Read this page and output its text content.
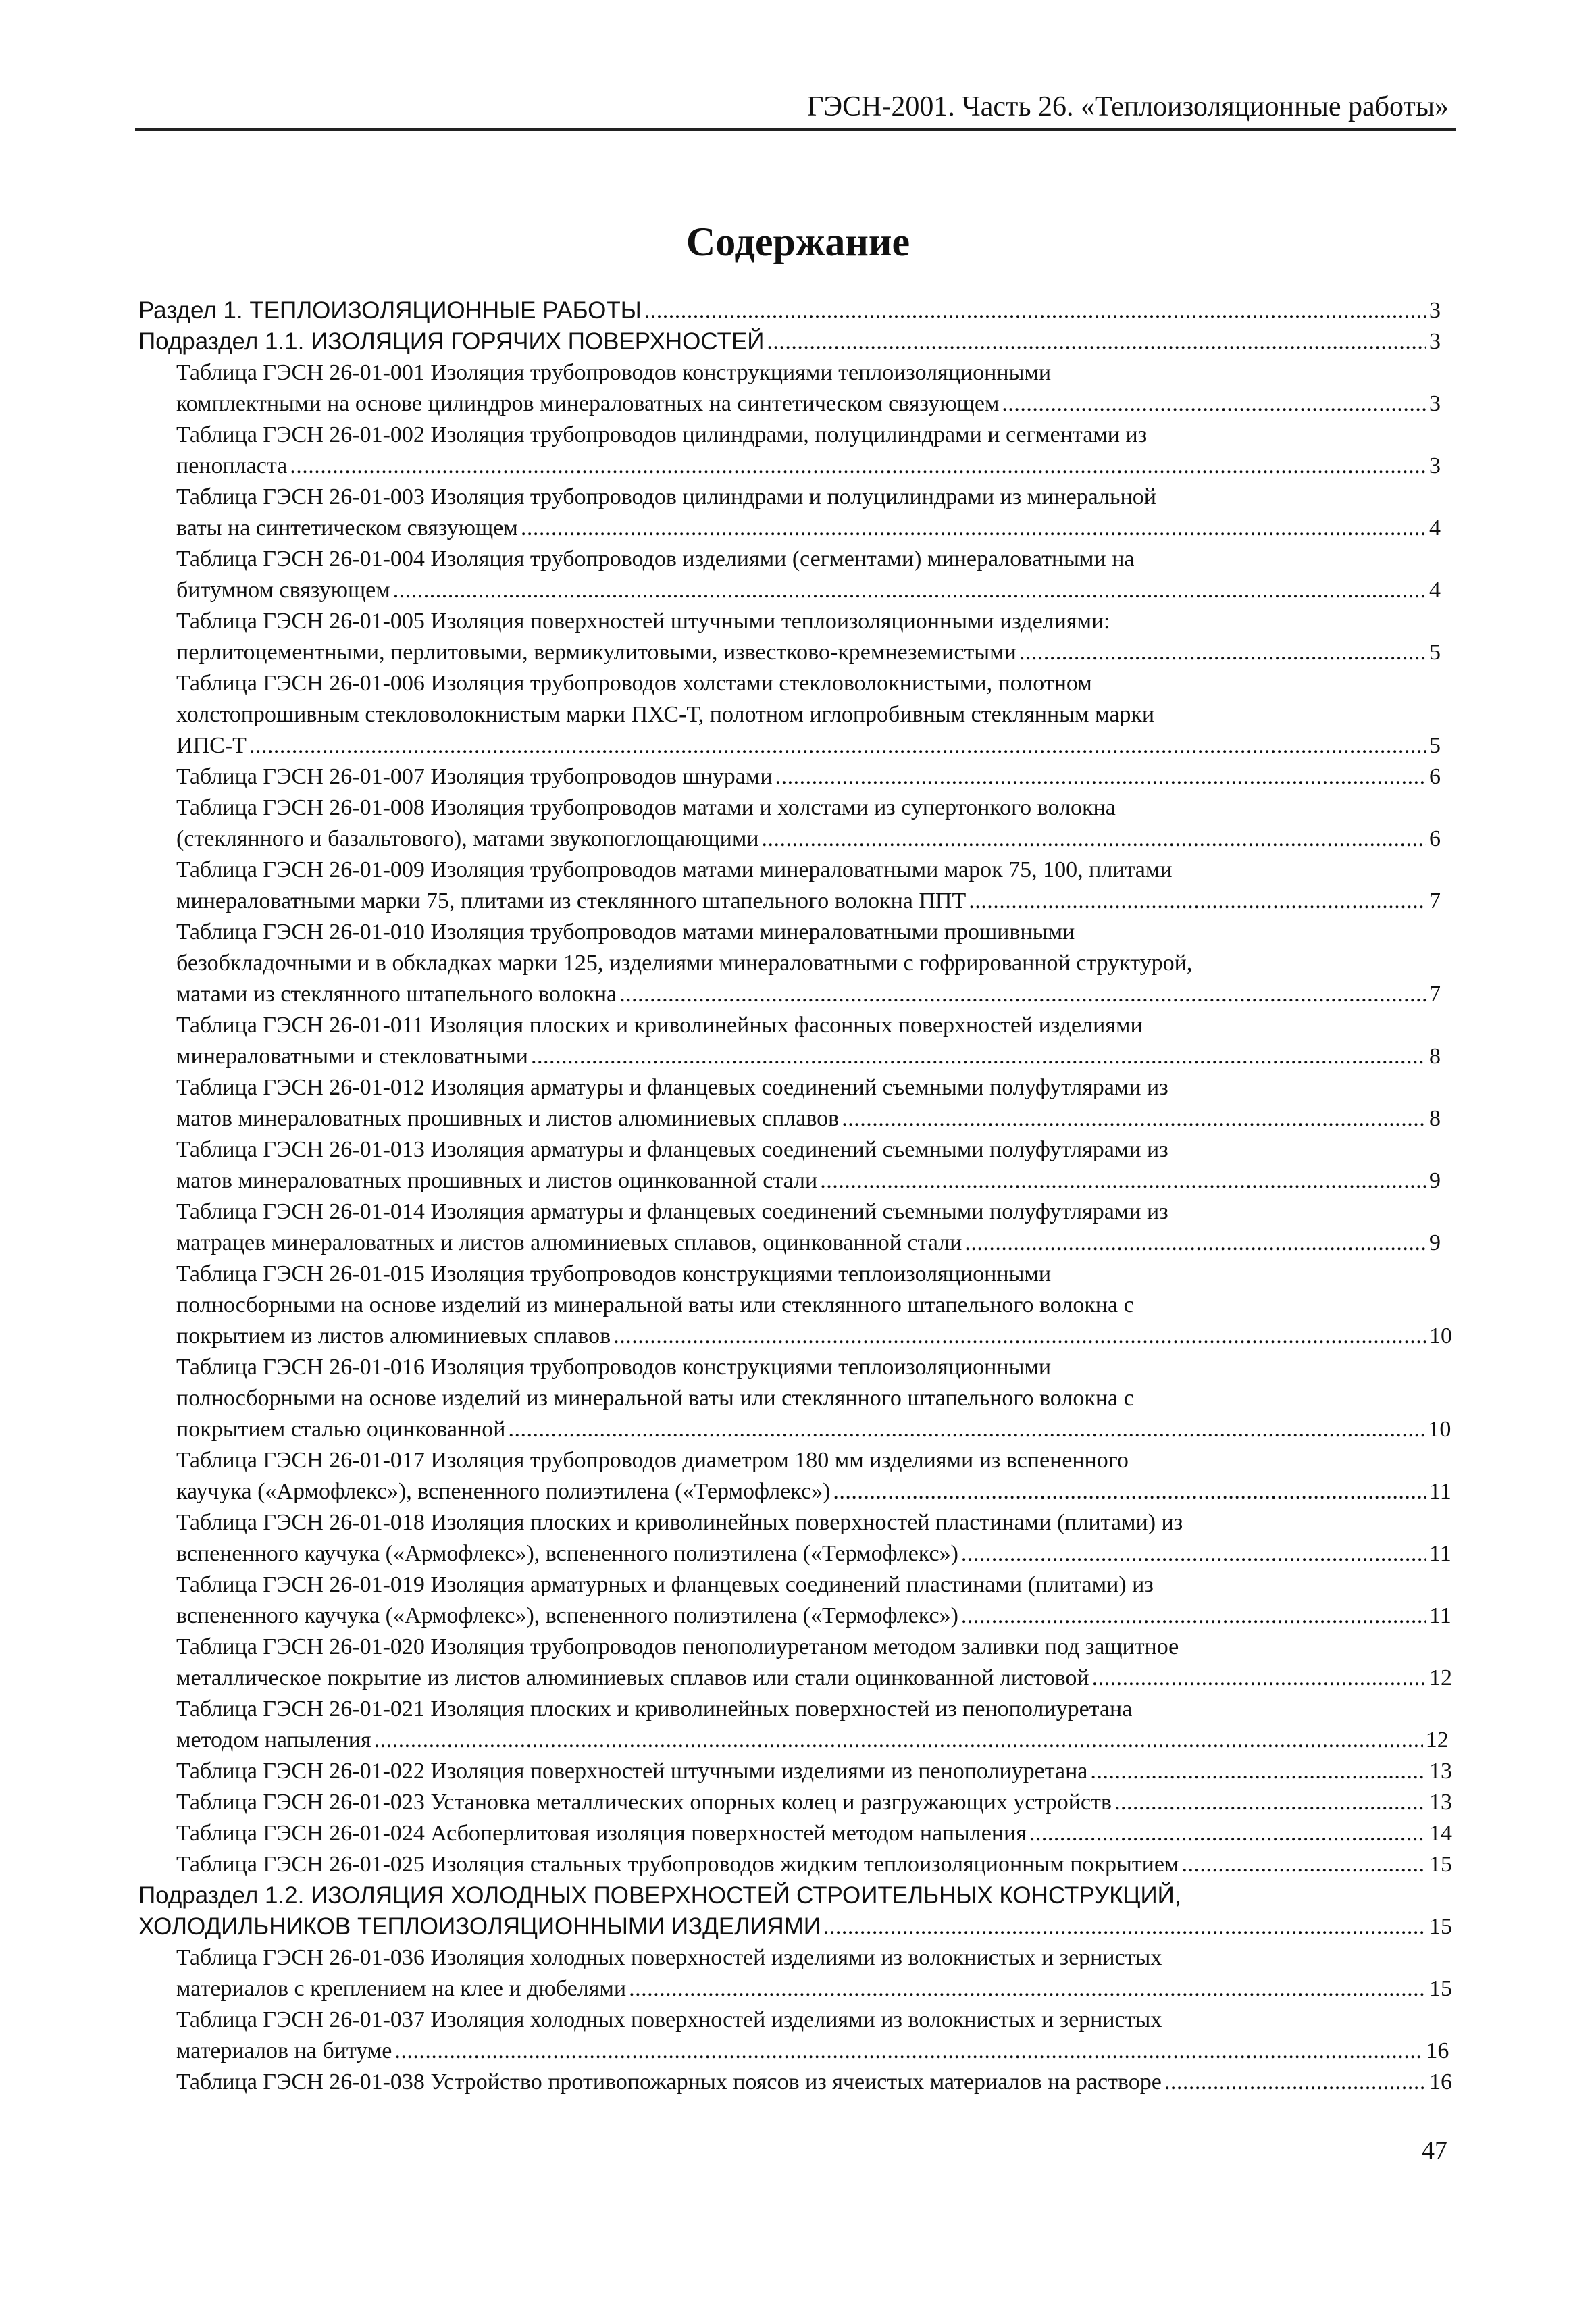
ГЭСН-2001. Часть 26. «Теплоизоляционные работы»
Содержание
Раздел 1. ТЕПЛОИЗОЛЯЦИОННЫЕ РАБОТЫ . . .	3
Подраздел 1.1. ИЗОЛЯЦИЯ ГОРЯЧИХ ПОВЕРХНОСТЕЙ . . .	3
Таблица ГЭСН 26-01-001 Изоляция трубопроводов конструкциями теплоизоляционными
комплектными на основе цилиндров минераловатных на синтетическом связующем . . .	3
Таблица ГЭСН 26-01-002 Изоляция трубопроводов цилиндрами, полуцилиндрами и сегментами из
пенопласта . . .	3
Таблица ГЭСН 26-01-003 Изоляция трубопроводов цилиндрами и полуцилиндрами из минеральной
ваты на синтетическом связующем . . .	4
Таблица ГЭСН 26-01-004 Изоляция трубопроводов изделиями (сегментами) минераловатными на
битумном связующем . . .	4
Таблица ГЭСН 26-01-005 Изоляция поверхностей штучными теплоизоляционными изделиями:
перлитоцементными, перлитовыми, вермикулитовыми, известково-кремнеземистыми . . .	5
Таблица ГЭСН 26-01-006 Изоляция трубопроводов холстами стекловолокнистыми, полотном
холстопрошивным стекловолокнистым марки ПХС-Т, полотном иглопробивным стеклянным марки
ИПС-Т . . .	5
Таблица ГЭСН 26-01-007 Изоляция трубопроводов шнурами . . .	6
Таблица ГЭСН 26-01-008 Изоляция трубопроводов матами и холстами из супертонкого волокна
(стеклянного и базальтового), матами звукопоглощающими . . .	6
Таблица ГЭСН 26-01-009 Изоляция трубопроводов матами минераловатными марок 75, 100, плитами
минераловатными марки 75, плитами из стеклянного штапельного волокна ППТ . . .	7
Таблица ГЭСН 26-01-010 Изоляция трубопроводов матами минераловатными прошивными
безобкладочными и в обкладках марки 125, изделиями минераловатными с гофрированной структурой,
матами из стеклянного штапельного волокна . . .	7
Таблица ГЭСН 26-01-011 Изоляция плоских и криволинейных фасонных поверхностей изделиями
минераловатными и стекловатными . . .	8
Таблица ГЭСН 26-01-012 Изоляция арматуры и фланцевых соединений съемными полуфутлярами из
матов минераловатных прошивных и листов алюминиевых сплавов . . .	8
Таблица ГЭСН 26-01-013 Изоляция арматуры и фланцевых соединений съемными полуфутлярами из
матов минераловатных прошивных и листов оцинкованной стали . . .	9
Таблица ГЭСН 26-01-014 Изоляция арматуры и фланцевых соединений съемными полуфутлярами из
матрацев минераловатных и листов алюминиевых сплавов, оцинкованной стали . . .	9
Таблица ГЭСН 26-01-015 Изоляция трубопроводов конструкциями теплоизоляционными
полносборными на основе изделий из минеральной ваты или стеклянного штапельного волокна с
покрытием из листов алюминиевых сплавов . . .	10
Таблица ГЭСН 26-01-016 Изоляция трубопроводов конструкциями теплоизоляционными
полносборными на основе изделий из минеральной ваты или стеклянного штапельного волокна с
покрытием сталью оцинкованной . . .	10
Таблица ГЭСН 26-01-017 Изоляция трубопроводов диаметром 180 мм изделиями из вспененного
каучука («Армофлекс»), вспененного полиэтилена («Термофлекс») . . .	11
Таблица ГЭСН 26-01-018 Изоляция плоских и криволинейных поверхностей пластинами (плитами) из
вспененного каучука («Армофлекс»), вспененного полиэтилена («Термофлекс») . . .	11
Таблица ГЭСН 26-01-019 Изоляция арматурных и фланцевых соединений пластинами (плитами) из
вспененного каучука («Армофлекс»), вспененного полиэтилена («Термофлекс») . . .	11
Таблица ГЭСН 26-01-020 Изоляция трубопроводов пенополиуретаном методом заливки под защитное
металлическое покрытие из листов алюминиевых сплавов или стали оцинкованной листовой . . .	12
Таблица ГЭСН 26-01-021 Изоляция плоских и криволинейных поверхностей из пенополиуретана
методом напыления . . .	12
Таблица ГЭСН 26-01-022 Изоляция поверхностей штучными изделиями из пенополиуретана . . .	13
Таблица ГЭСН 26-01-023 Установка металлических опорных колец и разгружающих устройств . . .	13
Таблица ГЭСН 26-01-024 Асбоперлитовая изоляция поверхностей методом напыления . . .	14
Таблица ГЭСН 26-01-025 Изоляция стальных трубопроводов жидким теплоизоляционным покрытием . . .	15
Подраздел 1.2. ИЗОЛЯЦИЯ ХОЛОДНЫХ ПОВЕРХНОСТЕЙ СТРОИТЕЛЬНЫХ КОНСТРУКЦИЙ,
ХОЛОДИЛЬНИКОВ ТЕПЛОИЗОЛЯЦИОННЫМИ ИЗДЕЛИЯМИ . . .	15
Таблица ГЭСН 26-01-036 Изоляция холодных поверхностей изделиями из волокнистых и зернистых
материалов с креплением на клее и дюбелями . . .	15
Таблица ГЭСН 26-01-037 Изоляция холодных поверхностей изделиями из волокнистых и зернистых
материалов на битуме . . .	16
Таблица ГЭСН 26-01-038 Устройство противопожарных поясов из ячеистых материалов на растворе . . .	16
47
